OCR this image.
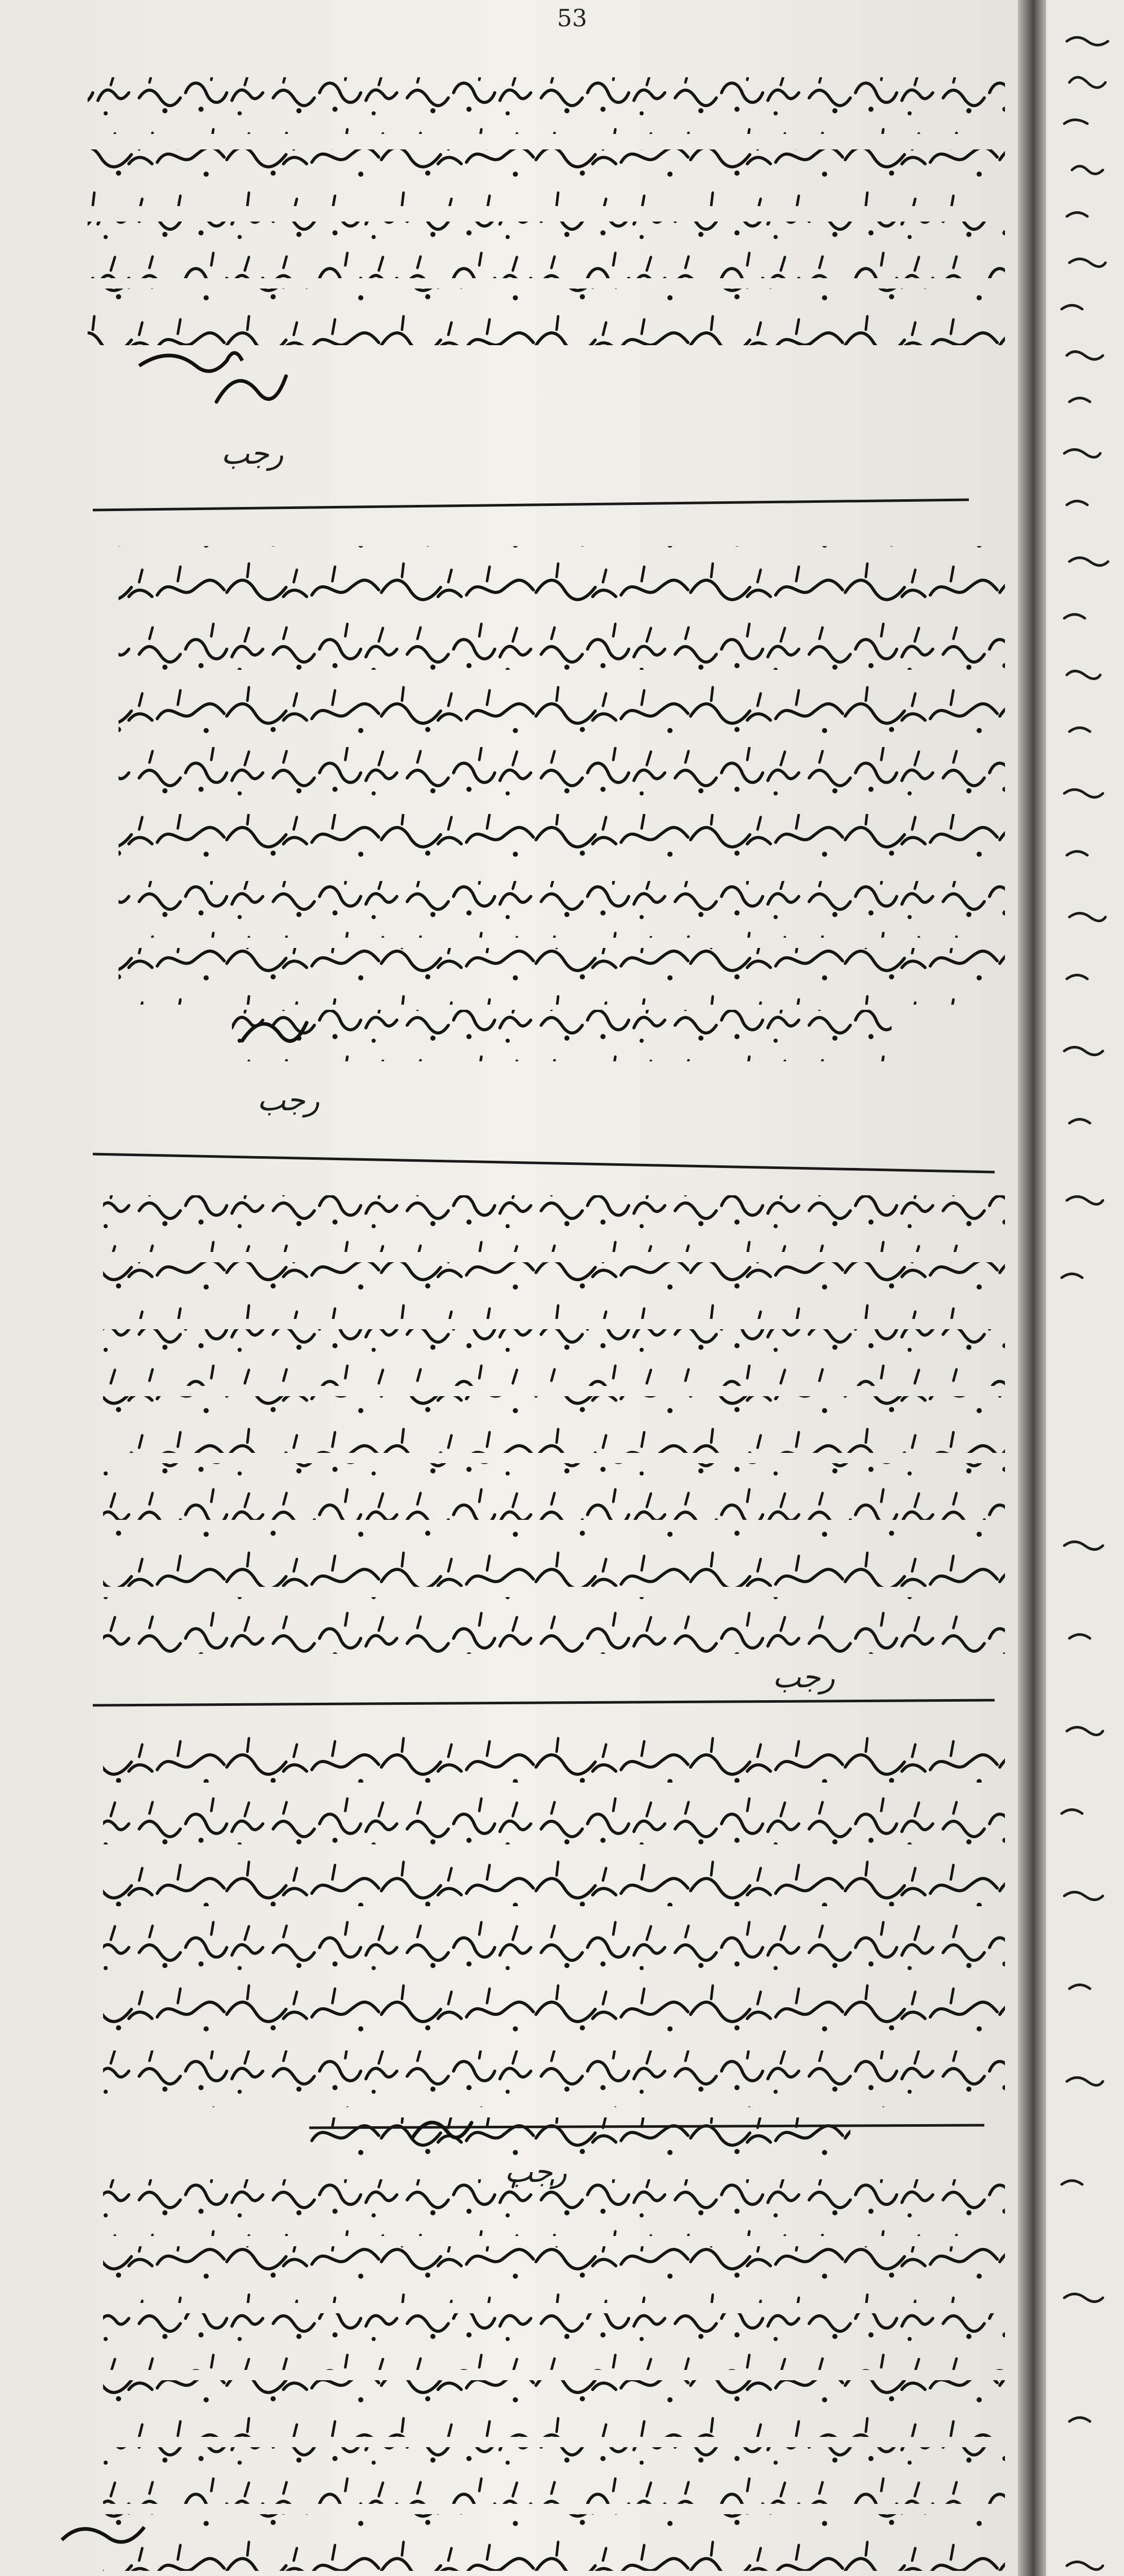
53
رجب
رجب
رجب
رجب
